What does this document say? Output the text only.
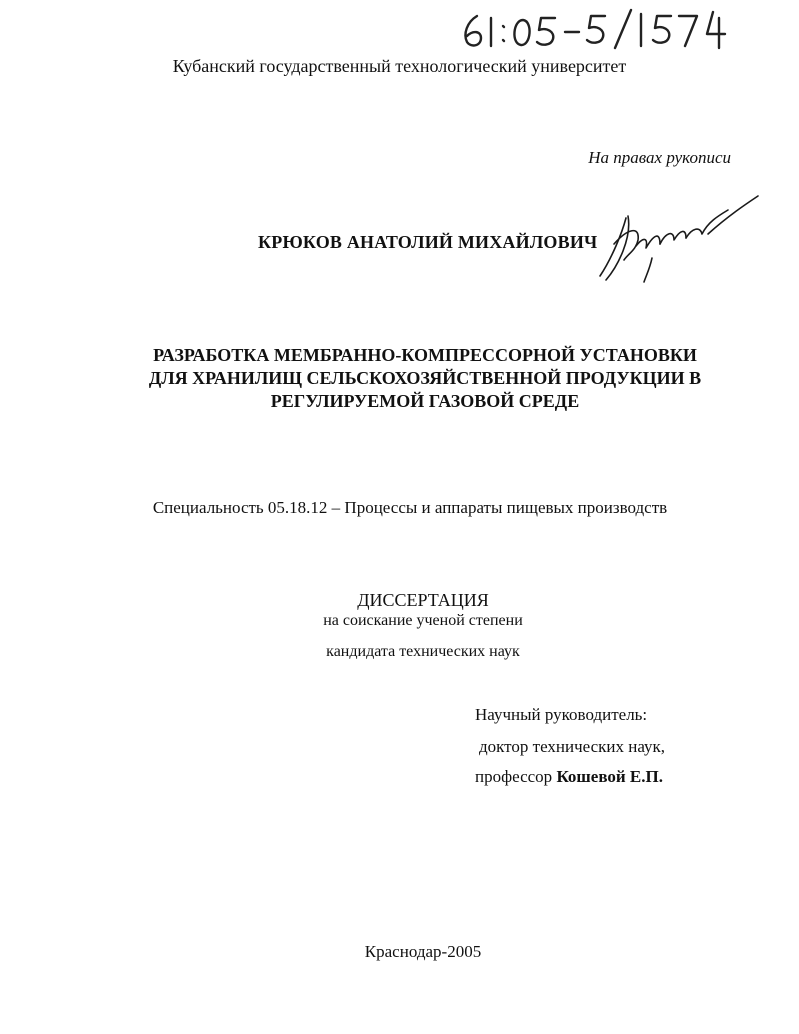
Кубанский государственный технологический университет
На правах рукописи
КРЮКОВ АНАТОЛИЙ МИХАЙЛОВИЧ
РАЗРАБОТКА МЕМБРАННО-КОМПРЕССОРНОЙ УСТАНОВКИ
ДЛЯ ХРАНИЛИЩ СЕЛЬСКОХОЗЯЙСТВЕННОЙ ПРОДУКЦИИ В
РЕГУЛИРУЕМОЙ ГАЗОВОЙ СРЕДЕ
Специальность 05.18.12 – Процессы и аппараты пищевых производств
ДИССЕРТАЦИЯ
на соискание ученой степени
кандидата технических наук
Научный руководитель:
доктор технических наук,
профессор Кошевой Е.П.
Краснодар-2005
